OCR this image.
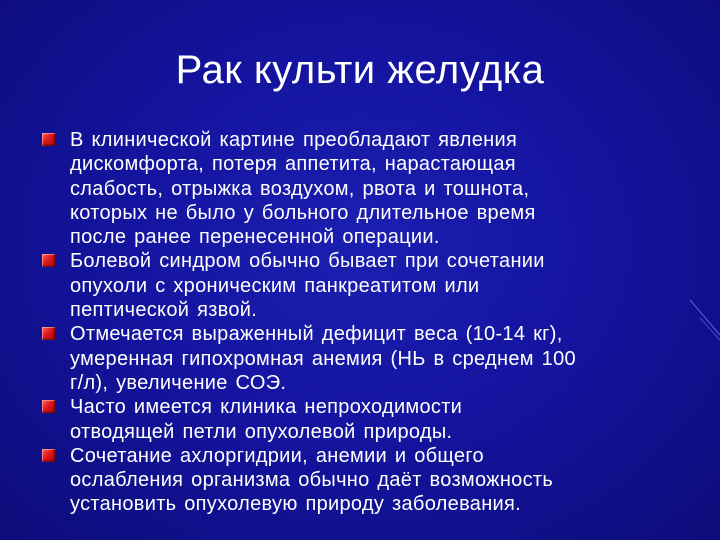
Рак культи желудка
В клинической картине преобладают явления
дискомфорта, потеря аппетита, нарастающая
слабость, отрыжка воздухом, рвота и тошнота,
которых не было у больного длительное время
после ранее перенесенной операции.
Болевой синдром обычно бывает при сочетании
опухоли с хроническим панкреатитом или
пептической язвой.
Отмечается выраженный дефицит веса (10-14 кг),
умеренная гипохромная анемия (НЬ в среднем 100
г/л), увеличение СОЭ.
Часто имеется клиника непроходимости
отводящей петли опухолевой природы.
Сочетание ахлоргидрии, анемии и общего
ослабления организма обычно даёт возможность
установить опухолевую природу заболевания.
